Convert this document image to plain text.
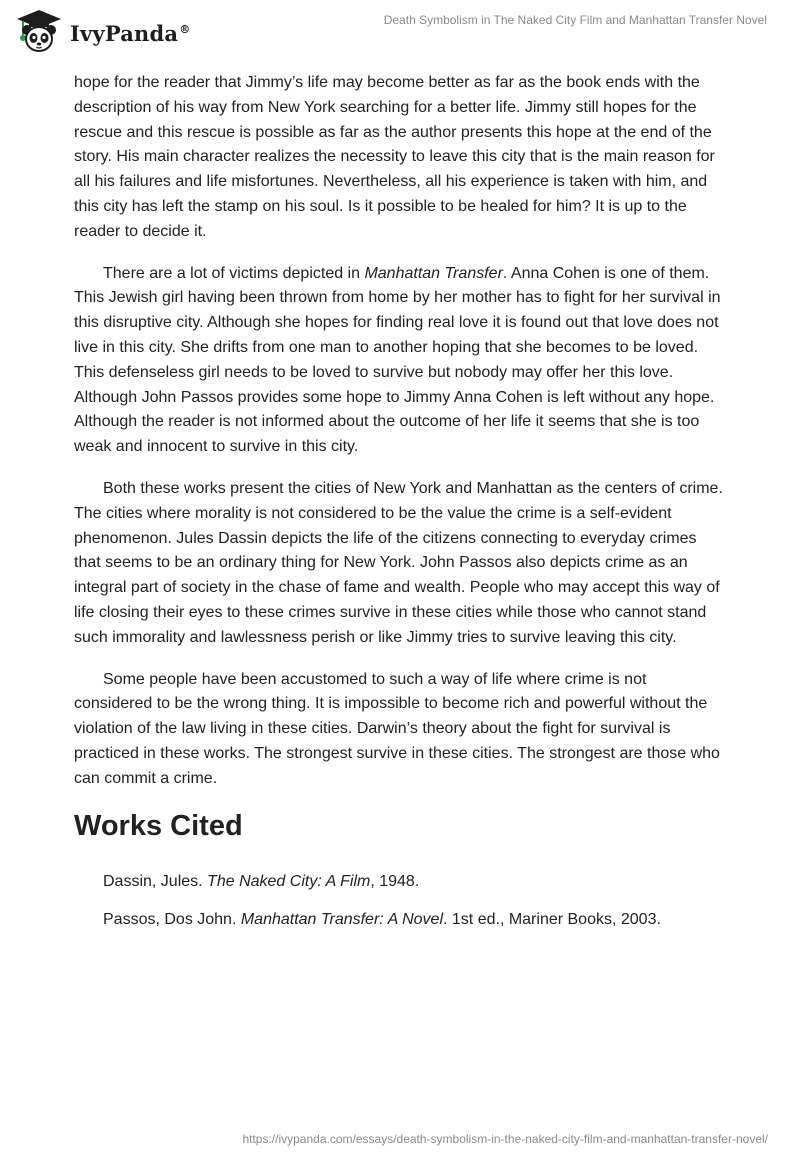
IvyPanda®
Death Symbolism in The Naked City Film and Manhattan Transfer Novel

hope for the reader that Jimmy’s life may become better as far as the book ends with the description of his way from New York searching for a better life. Jimmy still hopes for the rescue and this rescue is possible as far as the author presents this hope at the end of the story. His main character realizes the necessity to leave this city that is the main reason for all his failures and life misfortunes. Nevertheless, all his experience is taken with him, and this city has left the stamp on his soul. Is it possible to be healed for him? It is up to the reader to decide it.

There are a lot of victims depicted in Manhattan Transfer. Anna Cohen is one of them. This Jewish girl having been thrown from home by her mother has to fight for her survival in this disruptive city. Although she hopes for finding real love it is found out that love does not live in this city. She drifts from one man to another hoping that she becomes to be loved. This defenseless girl needs to be loved to survive but nobody may offer her this love. Although John Passos provides some hope to Jimmy Anna Cohen is left without any hope. Although the reader is not informed about the outcome of her life it seems that she is too weak and innocent to survive in this city.

Both these works present the cities of New York and Manhattan as the centers of crime. The cities where morality is not considered to be the value the crime is a self-evident phenomenon. Jules Dassin depicts the life of the citizens connecting to everyday crimes that seems to be an ordinary thing for New York. John Passos also depicts crime as an integral part of society in the chase of fame and wealth. People who may accept this way of life closing their eyes to these crimes survive in these cities while those who cannot stand such immorality and lawlessness perish or like Jimmy tries to survive leaving this city.

Some people have been accustomed to such a way of life where crime is not considered to be the wrong thing. It is impossible to become rich and powerful without the violation of the law living in these cities. Darwin’s theory about the fight for survival is practiced in these works. The strongest survive in these cities. The strongest are those who can commit a crime.

Works Cited
Dassin, Jules. The Naked City: A Film, 1948.
Passos, Dos John. Manhattan Transfer: A Novel. 1st ed., Mariner Books, 2003.
https://ivypanda.com/essays/death-symbolism-in-the-naked-city-film-and-manhattan-transfer-novel/
